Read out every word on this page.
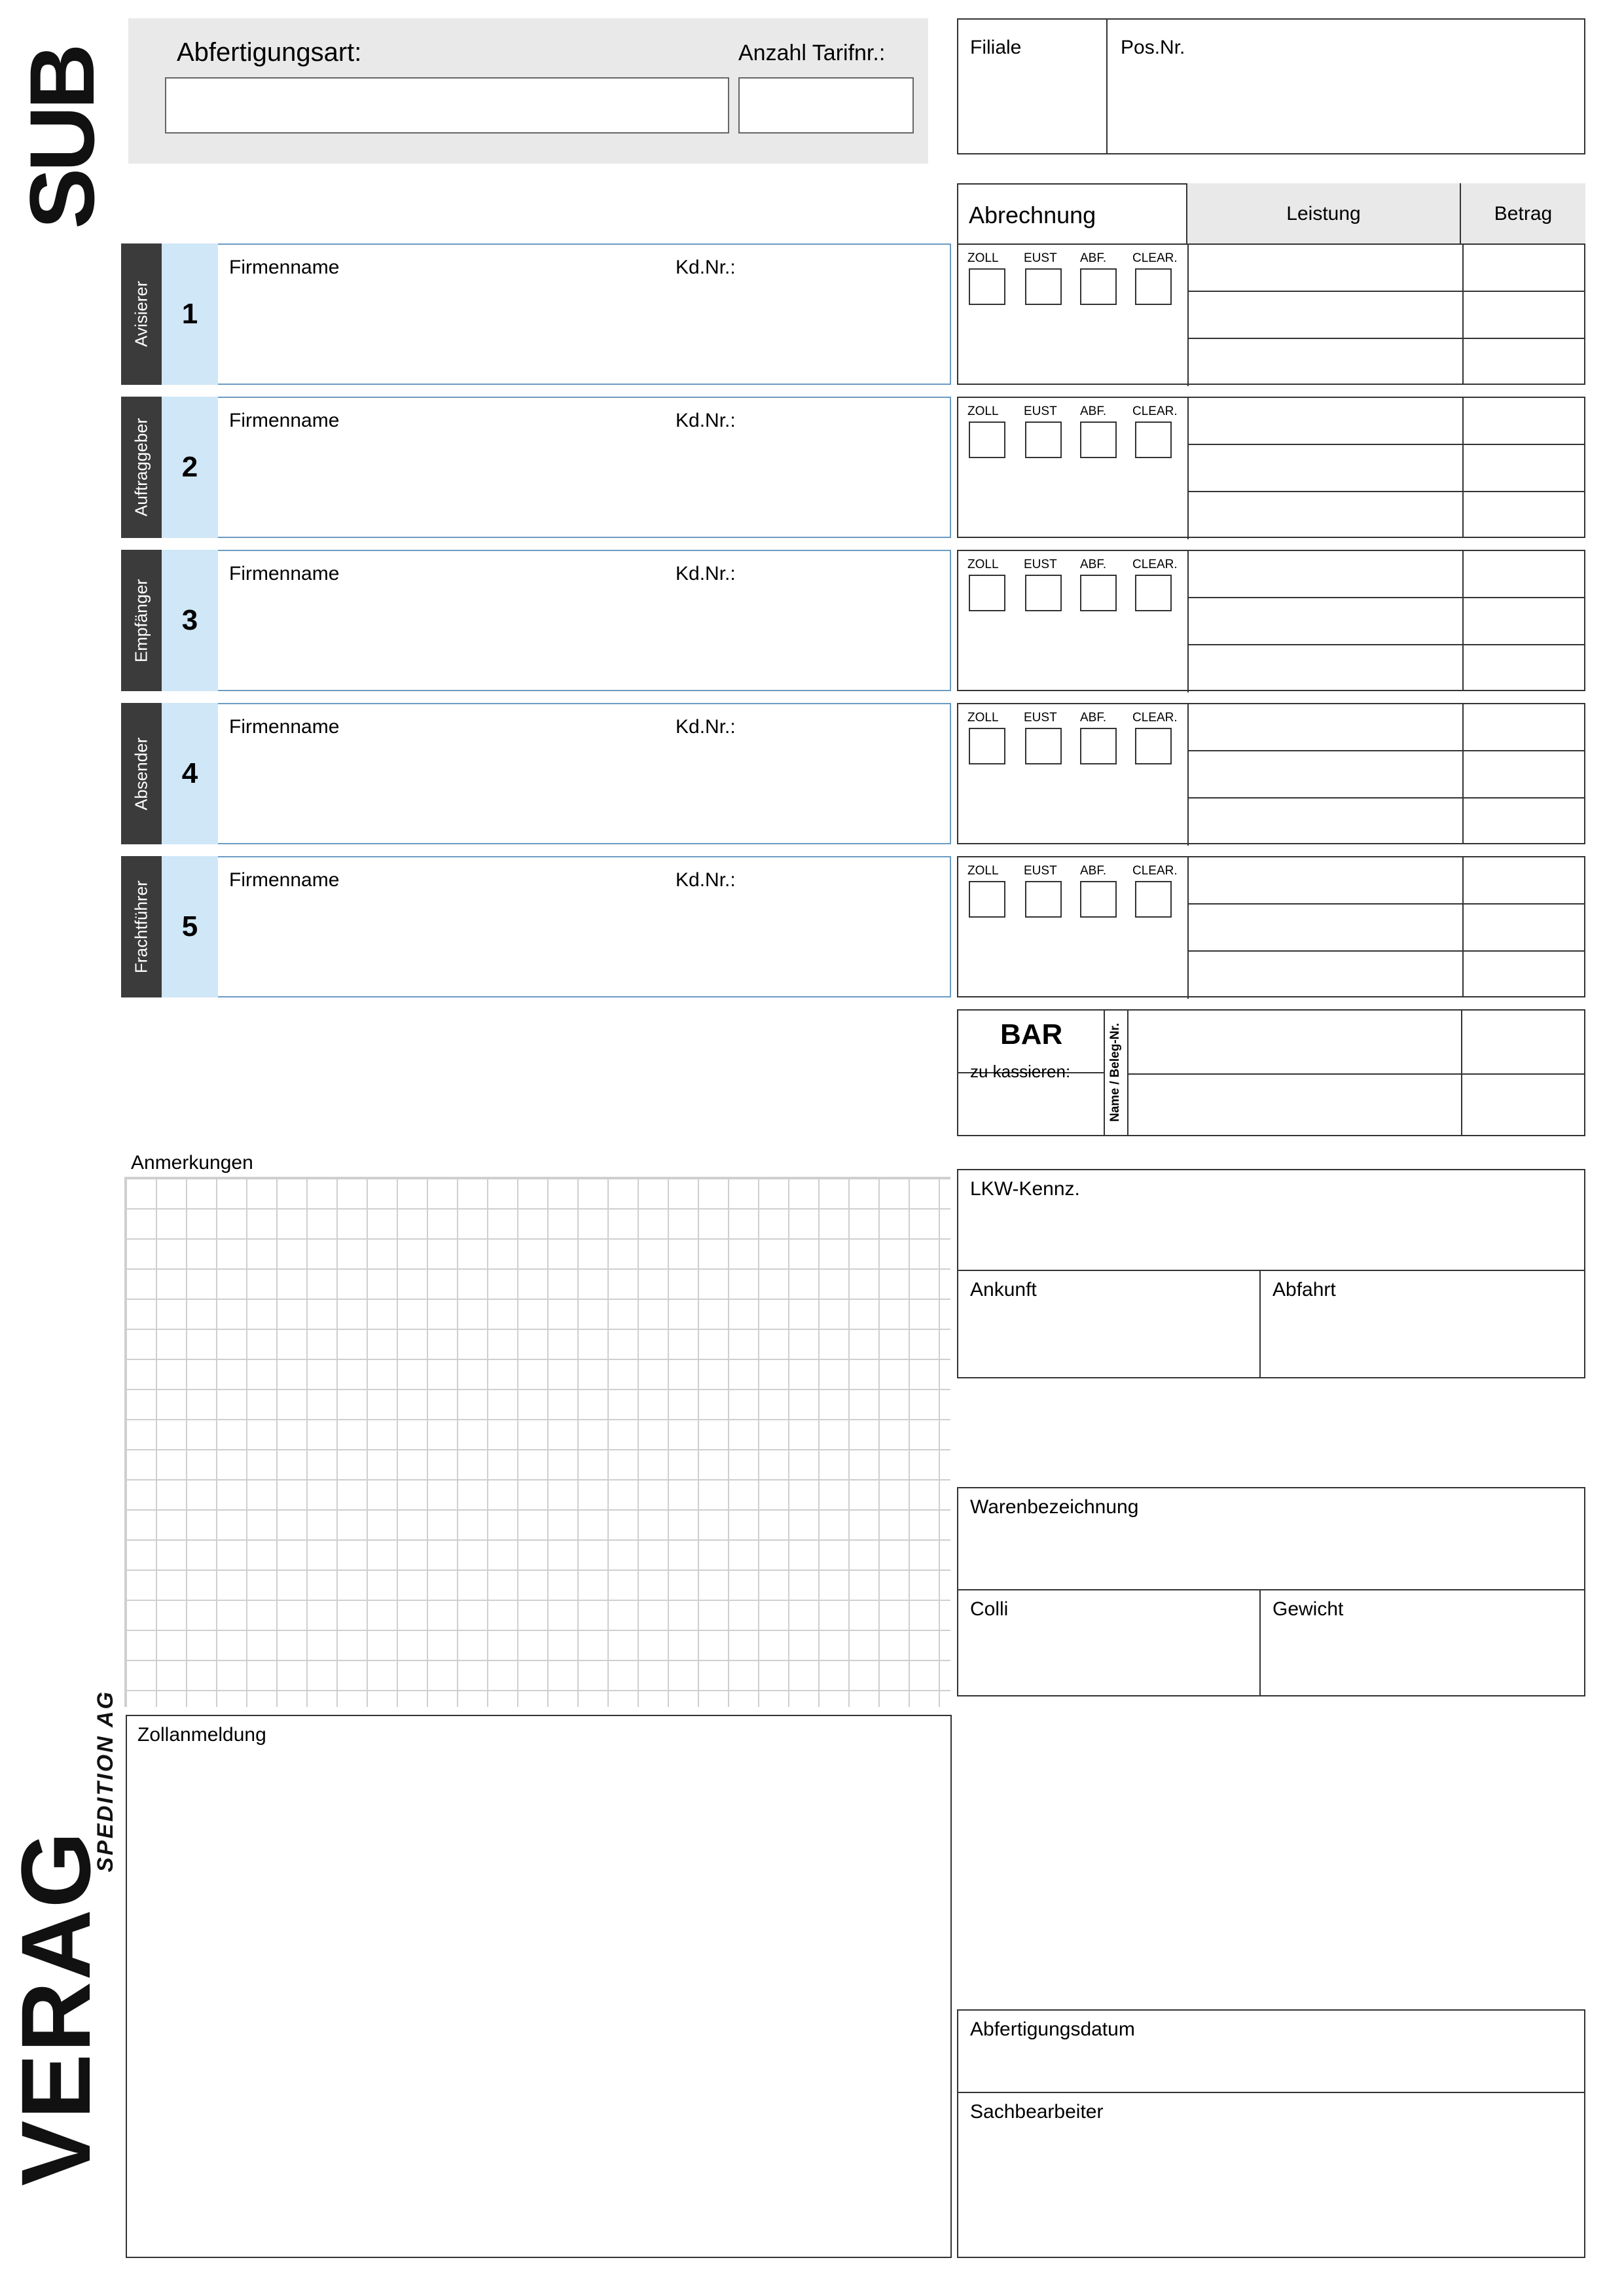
SUB
VERAG
SPEDITION AG
Abfertigungsart:	Anzahl Tarifnr.:	Filiale	Pos.Nr.
Abrechnung	Leistung	Betrag
Avisierer	1
Firmenname	Kd.Nr.:
Auftraggeber	2
Firmenname	Kd.Nr.:
Empfänger	3
Firmenname	Kd.Nr.:
Absender	4
Firmenname	Kd.Nr.:
Frachtführer	5
Firmenname	Kd.Nr.:
ZOLL EUST ABF. CLEAR.
ZOLL EUST ABF. CLEAR.
ZOLL EUST ABF. CLEAR.
ZOLL EUST ABF. CLEAR.
ZOLL EUST ABF. CLEAR.
BAR
zu kassieren:	Name / Beleg-Nr.
Anmerkungen
Zollanmeldung
LKW-Kennz.
Ankunft	Abfahrt
Warenbezeichnung
Colli	Gewicht
Abfertigungsdatum
Sachbearbeiter
